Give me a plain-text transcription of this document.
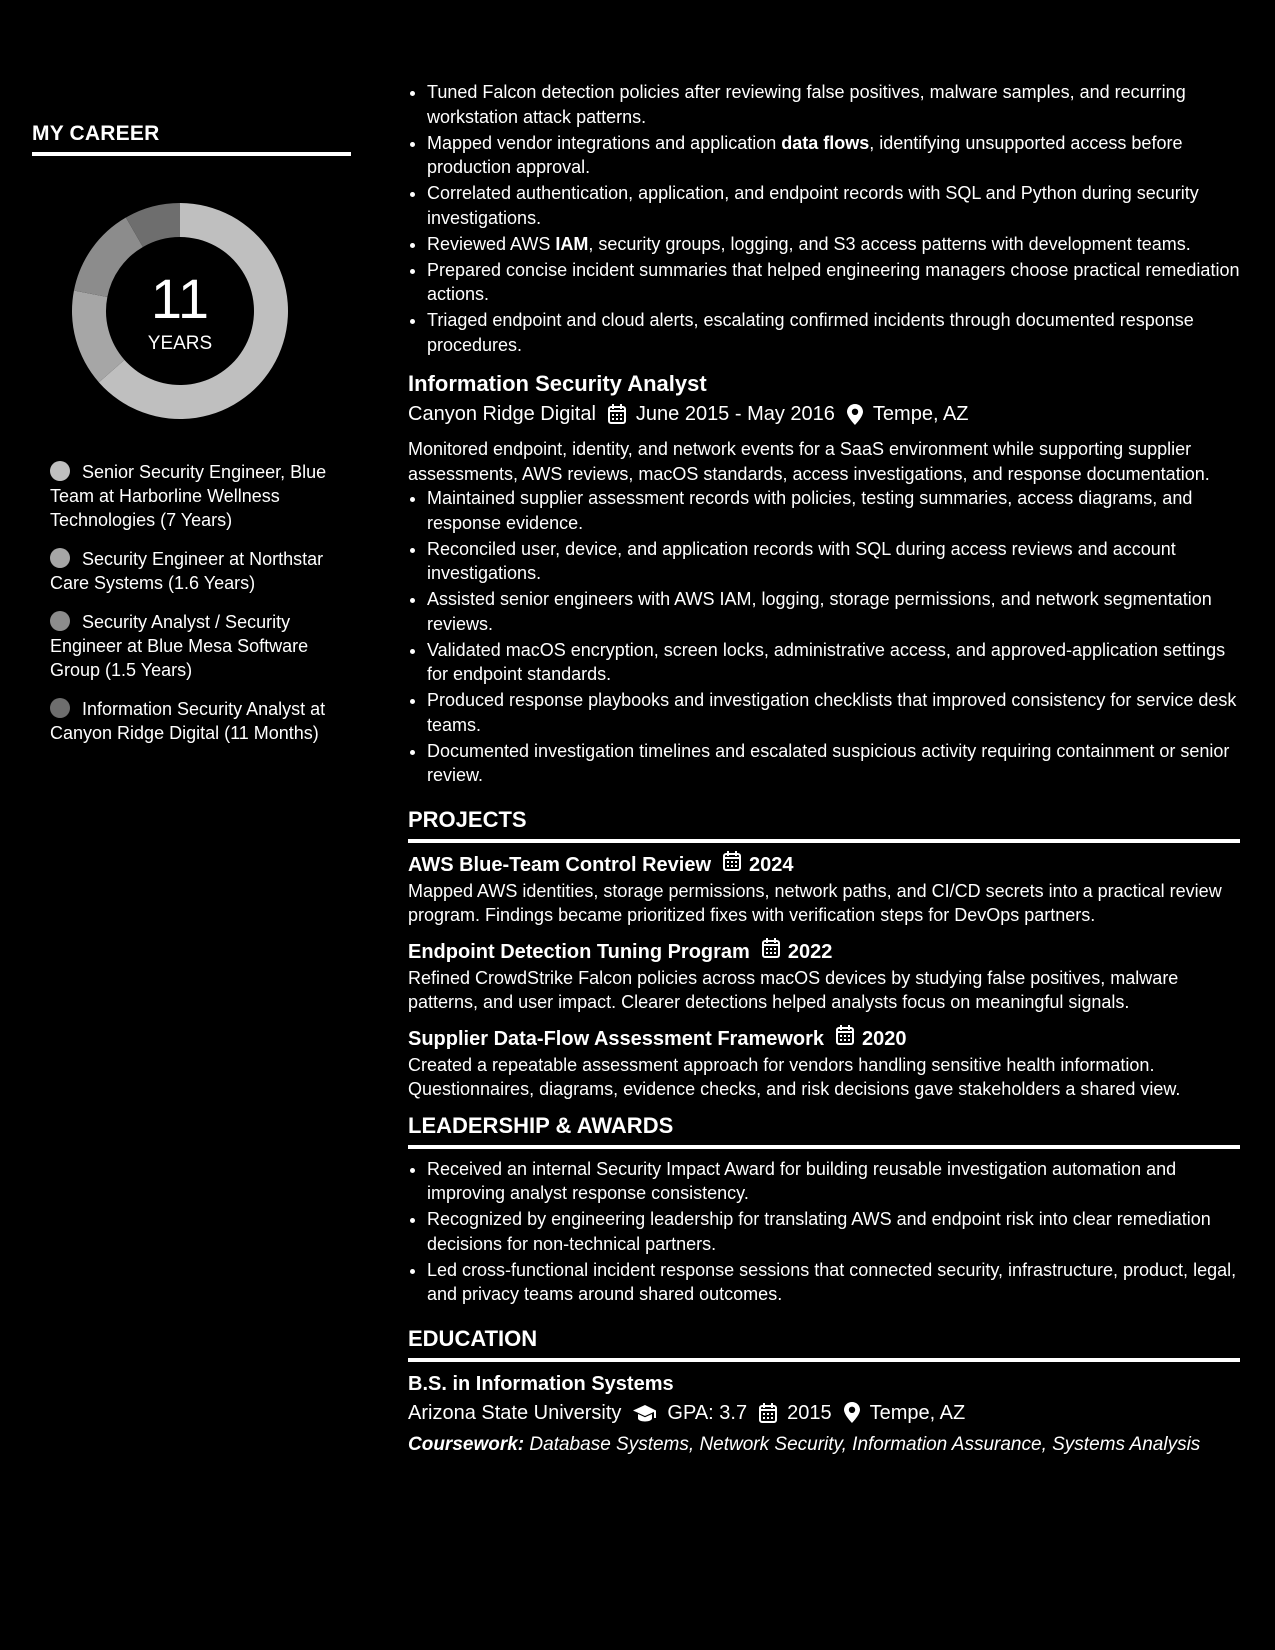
MY CAREER
11
YEARS
Senior Security Engineer, Blue Team at Harborline Wellness Technologies (7 Years)
Security Engineer at Northstar Care Systems (1.6 Years)
Security Analyst / Security Engineer at Blue Mesa Software Group (1.5 Years)
Information Security Analyst at Canyon Ridge Digital (11 Months)
• Tuned Falcon detection policies after reviewing false positives, malware samples, and recurring workstation attack patterns.
• Mapped vendor integrations and application data flows, identifying unsupported access before production approval.
• Correlated authentication, application, and endpoint records with SQL and Python during security investigations.
• Reviewed AWS IAM, security groups, logging, and S3 access patterns with development teams.
• Prepared concise incident summaries that helped engineering managers choose practical remediation actions.
• Triaged endpoint and cloud alerts, escalating confirmed incidents through documented response procedures.
Information Security Analyst
Canyon Ridge Digital June 2015 - May 2016 Tempe, AZ
Monitored endpoint, identity, and network events for a SaaS environment while supporting supplier assessments, AWS reviews, macOS standards, access investigations, and response documentation.
• Maintained supplier assessment records with policies, testing summaries, access diagrams, and response evidence.
• Reconciled user, device, and application records with SQL during access reviews and account investigations.
• Assisted senior engineers with AWS IAM, logging, storage permissions, and network segmentation reviews.
• Validated macOS encryption, screen locks, administrative access, and approved-application settings for endpoint standards.
• Produced response playbooks and investigation checklists that improved consistency for service desk teams.
• Documented investigation timelines and escalated suspicious activity requiring containment or senior review.
PROJECTS
AWS Blue-Team Control Review 2024
Mapped AWS identities, storage permissions, network paths, and CI/CD secrets into a practical review program. Findings became prioritized fixes with verification steps for DevOps partners.
Endpoint Detection Tuning Program 2022
Refined CrowdStrike Falcon policies across macOS devices by studying false positives, malware patterns, and user impact. Clearer detections helped analysts focus on meaningful signals.
Supplier Data-Flow Assessment Framework 2020
Created a repeatable assessment approach for vendors handling sensitive health information. Questionnaires, diagrams, evidence checks, and risk decisions gave stakeholders a shared view.
LEADERSHIP & AWARDS
• Received an internal Security Impact Award for building reusable investigation automation and improving analyst response consistency.
• Recognized by engineering leadership for translating AWS and endpoint risk into clear remediation decisions for non-technical partners.
• Led cross-functional incident response sessions that connected security, infrastructure, product, legal, and privacy teams around shared outcomes.
EDUCATION
B.S. in Information Systems
Arizona State University GPA: 3.7 2015 Tempe, AZ
Coursework: Database Systems, Network Security, Information Assurance, Systems Analysis
